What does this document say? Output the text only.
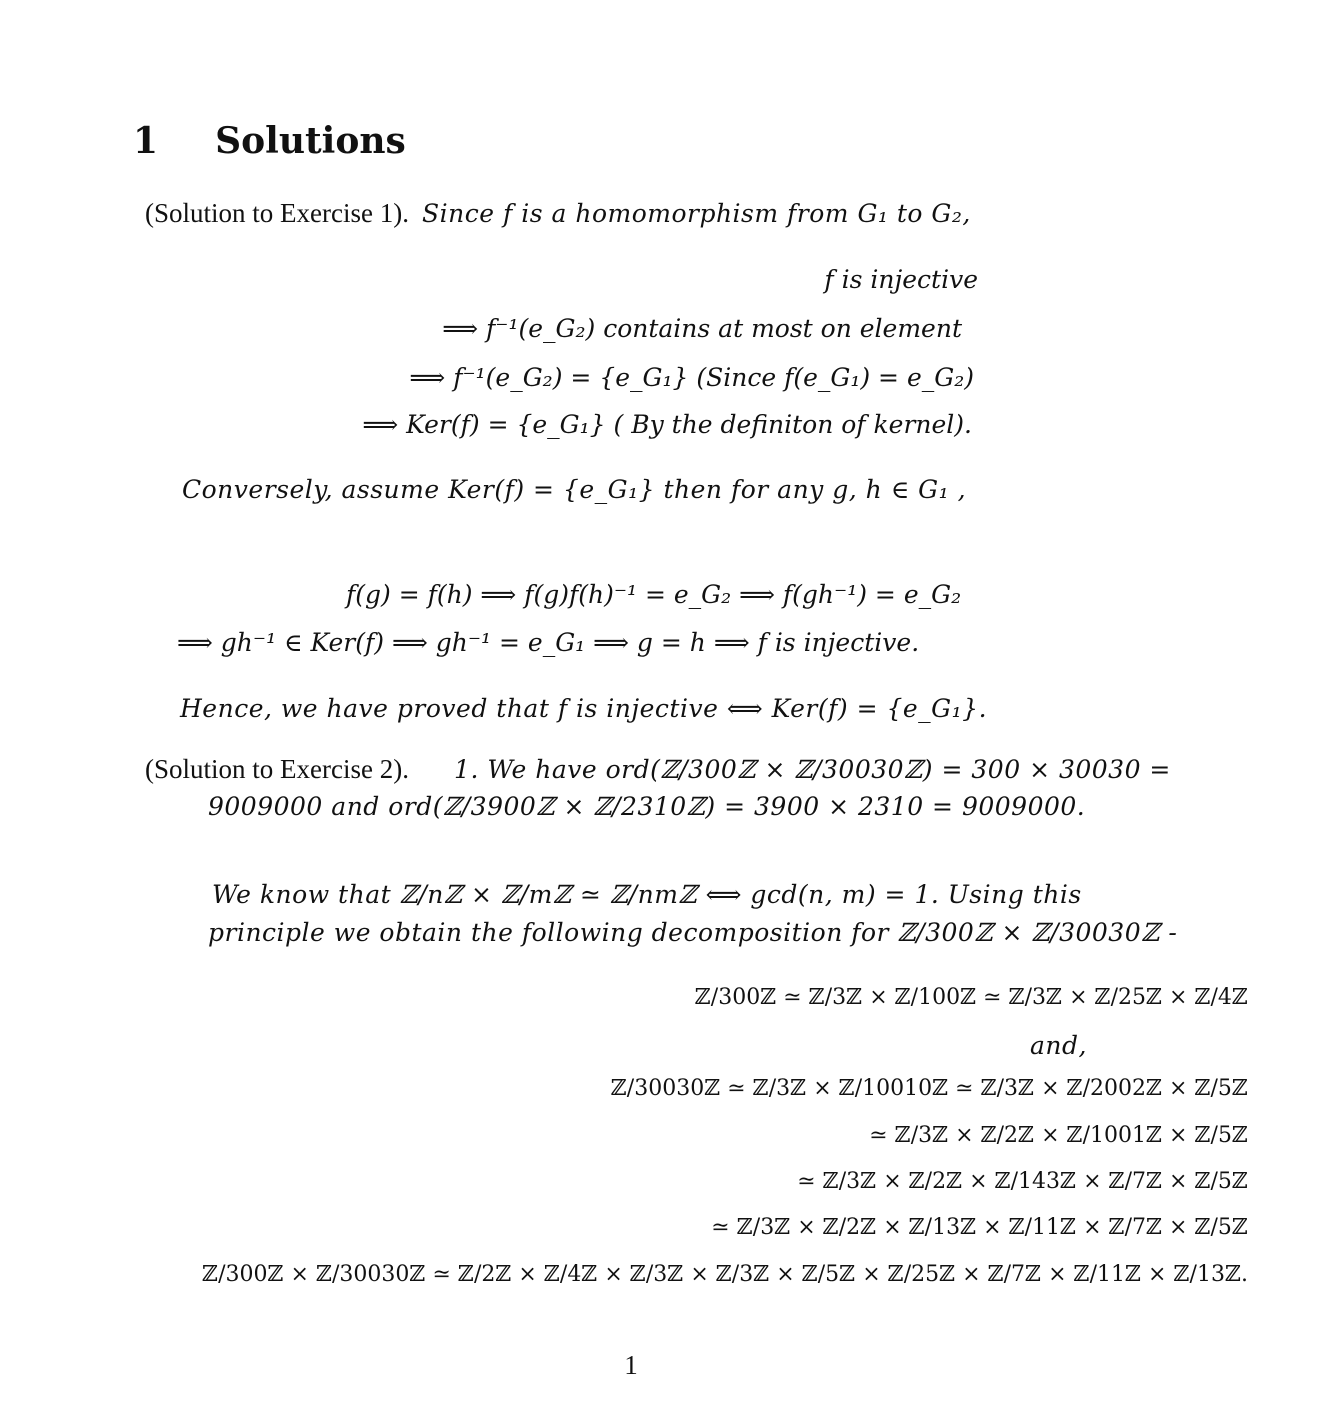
1 Solutions
(Solution to Exercise 1). Since f is a homomorphism from G₁ to G₂,
f is injective
⟹ f⁻¹(e_G₂) contains at most on element
⟹ f⁻¹(e_G₂) = {e_G₁} (Since f(e_G₁) = e_G₂)
⟹ Ker(f) = {e_G₁} ( By the definiton of kernel).
Conversely, assume Ker(f) = {e_G₁} then for any g, h ∈ G₁ ,
f(g) = f(h) ⟹ f(g)f(h)⁻¹ = e_G₂ ⟹ f(gh⁻¹) = e_G₂
⟹ gh⁻¹ ∈ Ker(f) ⟹ gh⁻¹ = e_G₁ ⟹ g = h ⟹ f is injective.
Hence, we have proved that f is injective ⟺ Ker(f) = {e_G₁}.
(Solution to Exercise 2). 1. We have ord(ℤ/300ℤ × ℤ/30030ℤ) = 300 × 30030 =
9009000 and ord(ℤ/3900ℤ × ℤ/2310ℤ) = 3900 × 2310 = 9009000.
We know that ℤ/nℤ × ℤ/mℤ ≃ ℤ/nmℤ ⟺ gcd(n, m) = 1. Using this
principle we obtain the following decomposition for ℤ/300ℤ × ℤ/30030ℤ -
ℤ/300ℤ ≃ ℤ/3ℤ × ℤ/100ℤ ≃ ℤ/3ℤ × ℤ/25ℤ × ℤ/4ℤ
and,
ℤ/30030ℤ ≃ ℤ/3ℤ × ℤ/10010ℤ ≃ ℤ/3ℤ × ℤ/2002ℤ × ℤ/5ℤ
≃ ℤ/3ℤ × ℤ/2ℤ × ℤ/1001ℤ × ℤ/5ℤ
≃ ℤ/3ℤ × ℤ/2ℤ × ℤ/143ℤ × ℤ/7ℤ × ℤ/5ℤ
≃ ℤ/3ℤ × ℤ/2ℤ × ℤ/13ℤ × ℤ/11ℤ × ℤ/7ℤ × ℤ/5ℤ
ℤ/300ℤ × ℤ/30030ℤ ≃ ℤ/2ℤ × ℤ/4ℤ × ℤ/3ℤ × ℤ/3ℤ × ℤ/5ℤ × ℤ/25ℤ × ℤ/7ℤ × ℤ/11ℤ × ℤ/13ℤ.
1
